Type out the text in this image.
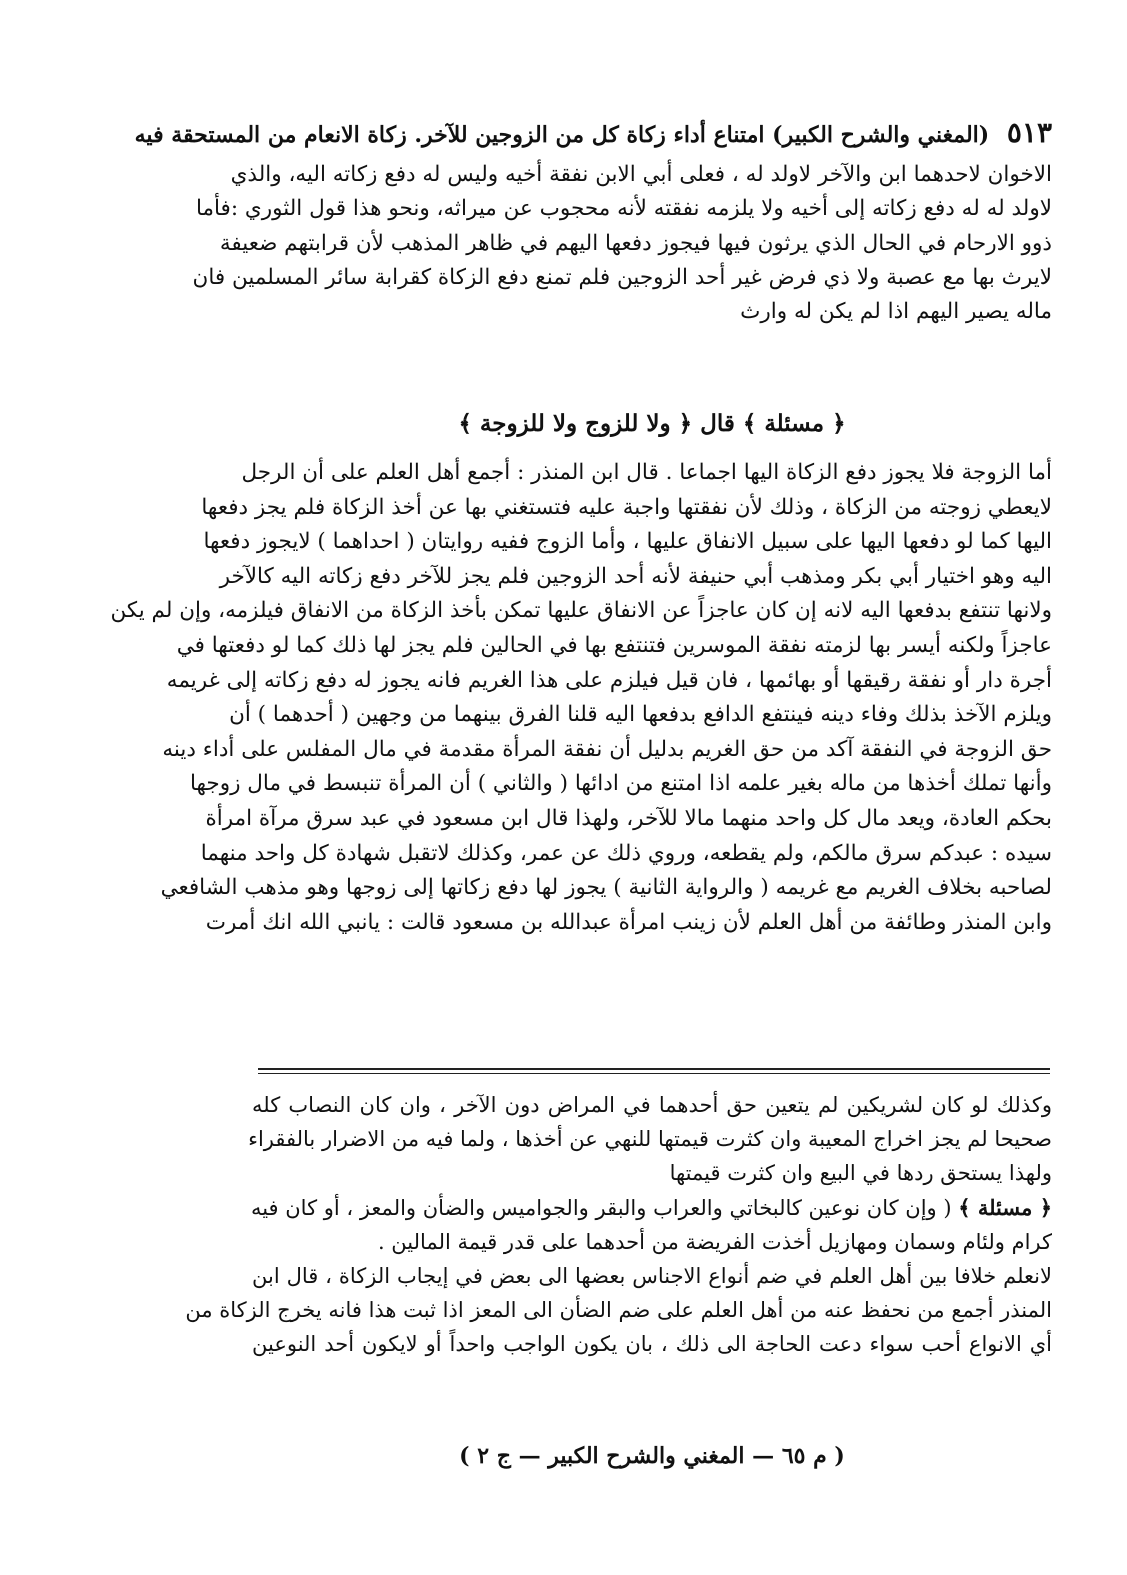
٥١٣ (المغني والشرح الكبير) امتناع أداء زكاة كل من الزوجين للآخر. زكاة الانعام من المستحقة فيه
الاخوان لاحدهما ابن والآخر لاولد له ، فعلى أبي الابن نفقة أخيه وليس له دفع زكاته اليه، والذي
لاولد له له دفع زكاته إلى أخيه ولا يلزمه نفقته لأنه محجوب عن ميراثه، ونحو هذا قول الثوري :فأما
ذوو الارحام في الحال الذي يرثون فيها فيجوز دفعها اليهم في ظاهر المذهب لأن قرابتهم ضعيفة
لايرث بها مع عصبة ولا ذي فرض غير أحد الزوجين فلم تمنع دفع الزكاة كقرابة سائر المسلمين فان
ماله يصير اليهم اذا لم يكن له وارث
﴿ مسئلة ﴾ قال ﴿ ولا للزوج ولا للزوجة ﴾
أما الزوجة فلا يجوز دفع الزكاة اليها اجماعا . قال ابن المنذر : أجمع أهل العلم على أن الرجل
لايعطي زوجته من الزكاة ، وذلك لأن نفقتها واجبة عليه فتستغني بها عن أخذ الزكاة فلم يجز دفعها
اليها كما لو دفعها اليها على سبيل الانفاق عليها ، وأما الزوج ففيه روايتان ( احداهما ) لايجوز دفعها
اليه وهو اختيار أبي بكر ومذهب أبي حنيفة لأنه أحد الزوجين فلم يجز للآخر دفع زكاته اليه كالآخر
ولانها تنتفع بدفعها اليه لانه إن كان عاجزاً عن الانفاق عليها تمكن بأخذ الزكاة من الانفاق فيلزمه، وإن لم يكن
عاجزاً ولكنه أيسر بها لزمته نفقة الموسرين فتنتفع بها في الحالين فلم يجز لها ذلك كما لو دفعتها في
أجرة دار أو نفقة رقيقها أو بهائمها ، فان قيل فيلزم على هذا الغريم فانه يجوز له دفع زكاته إلى غريمه
ويلزم الآخذ بذلك وفاء دينه فينتفع الدافع بدفعها اليه قلنا الفرق بينهما من وجهين ( أحدهما ) أن
حق الزوجة في النفقة آكد من حق الغريم بدليل أن نفقة المرأة مقدمة في مال المفلس على أداء دينه
وأنها تملك أخذها من ماله بغير علمه اذا امتنع من ادائها ( والثاني ) أن المرأة تنبسط في مال زوجها
بحكم العادة، ويعد مال كل واحد منهما مالا للآخر، ولهذا قال ابن مسعود في عبد سرق مرآة امرأة
سيده : عبدكم سرق مالكم، ولم يقطعه، وروي ذلك عن عمر، وكذلك لاتقبل شهادة كل واحد منهما
لصاحبه بخلاف الغريم مع غريمه ( والرواية الثانية ) يجوز لها دفع زكاتها إلى زوجها وهو مذهب الشافعي
وابن المنذر وطائفة من أهل العلم لأن زينب امرأة عبدالله بن مسعود قالت : يانبي الله انك أمرت
وكذلك لو كان لشريكين لم يتعين حق أحدهما في المراض دون الآخر ، وان كان النصاب كله
صحيحا لم يجز اخراج المعيبة وان كثرت قيمتها للنهي عن أخذها ، ولما فيه من الاضرار بالفقراء
ولهذا يستحق ردها في البيع وان كثرت قيمتها
﴿ مسئلة ﴾ ( وإن كان نوعين كالبخاتي والعراب والبقر والجواميس والضأن والمعز ، أو كان فيه
كرام ولئام وسمان ومهازيل أخذت الفريضة من أحدهما على قدر قيمة المالين .
لانعلم خلافا بين أهل العلم في ضم أنواع الاجناس بعضها الى بعض في إيجاب الزكاة ، قال ابن
المنذر أجمع من نحفظ عنه من أهل العلم على ضم الضأن الى المعز اذا ثبت هذا فانه يخرج الزكاة من
أي الانواع أحب سواء دعت الحاجة الى ذلك ، بان يكون الواجب واحداً أو لايكون أحد النوعين
( م ٦٥ — المغني والشرح الكبير — ج ٢ )
